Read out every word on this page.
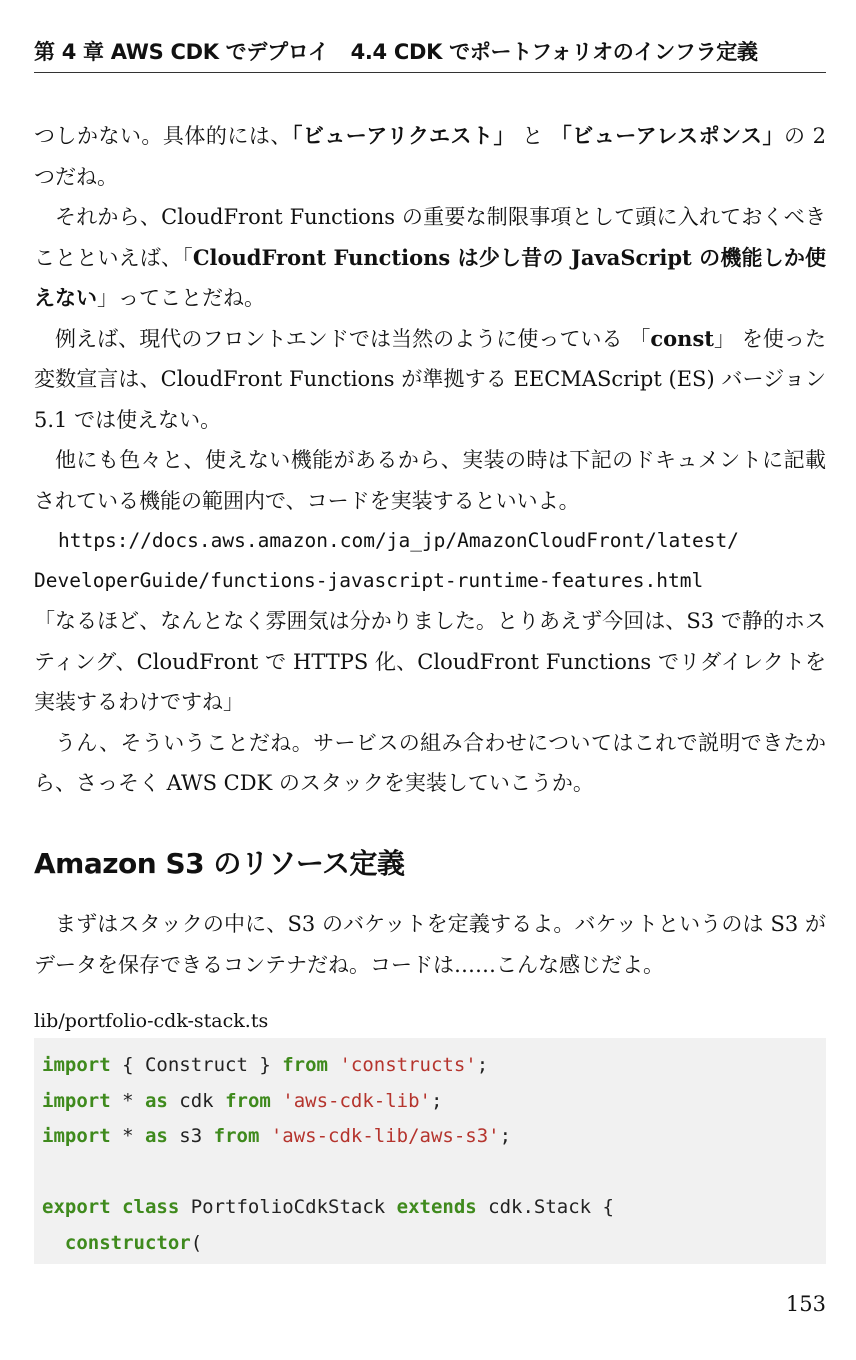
第 4 章 AWS CDK でデプロイ 4.4 CDK でポートフォリオのインフラ定義

つしかない。具体的には、「ビューアリクエスト」 と 「ビューアレスポンス」の 2 つだね。

それから、CloudFront Functions の重要な制限事項として頭に入れておくべきことといえば、「CloudFront Functions は少し昔の JavaScript の機能しか使えない」ってことだね。

例えば、現代のフロントエンドでは当然のように使っている 「const」 を使った変数宣言は、CloudFront Functions が準拠する EECMAScript (ES) バージョン 5.1 では使えない。

他にも色々と、使えない機能があるから、実装の時は下記のドキュメントに記載されている機能の範囲内で、コードを実装するといいよ。

https://docs.aws.amazon.com/ja_jp/AmazonCloudFront/latest/
DeveloperGuide/functions-javascript-runtime-features.html

「なるほど、なんとなく雰囲気は分かりました。とりあえず今回は、S3 で静的ホスティング、CloudFront で HTTPS 化、CloudFront Functions でリダイレクトを実装するわけですね」

うん、そういうことだね。サービスの組み合わせについてはこれで説明できたから、さっそく AWS CDK のスタックを実装していこうか。

Amazon S3 のリソース定義

まずはスタックの中に、S3 のバケットを定義するよ。バケットというのは S3 がデータを保存できるコンテナだね。コードは……こんな感じだよ。

lib/portfolio-cdk-stack.ts
import { Construct } from 'constructs';
import * as cdk from 'aws-cdk-lib';
import * as s3 from 'aws-cdk-lib/aws-s3';
export class PortfolioCdkStack extends cdk.Stack {
constructor(
153
